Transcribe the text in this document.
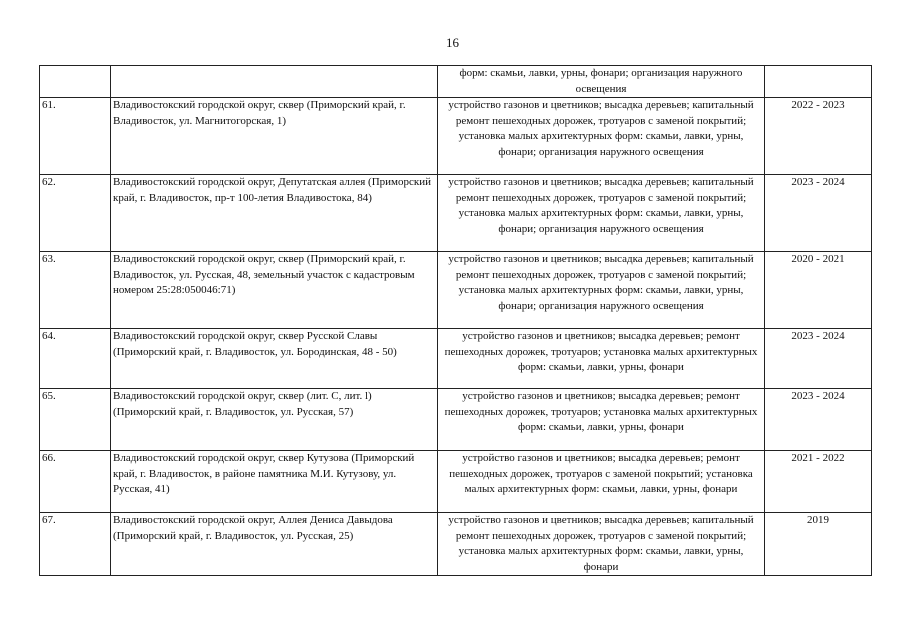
16
		форм: скамьи, лавки, урны, фонари; организация наружного освещения	
61.	Владивостокский городской округ, сквер (Приморский край, г. Владивосток, ул. Магнитогорская, 1)	устройство газонов и цветников; высадка деревьев; капитальный ремонт пешеходных дорожек, тротуаров с заменой покрытий; установка малых архитектурных форм: скамьи, лавки, урны, фонари; организация наружного освещения	2022 - 2023
62.	Владивостокский городской округ, Депутатская аллея (Приморский край, г. Владивосток, пр-т 100-летия Владивостока, 84)	устройство газонов и цветников; высадка деревьев; капитальный ремонт пешеходных дорожек, тротуаров с заменой покрытий; установка малых архитектурных форм: скамьи, лавки, урны, фонари; организация наружного освещения	2023 - 2024
63.	Владивостокский городской округ, сквер (Приморский край, г. Владивосток, ул. Русская, 48, земельный участок с кадастровым номером 25:28:050046:71)	устройство газонов и цветников; высадка деревьев; капитальный ремонт пешеходных дорожек, тротуаров с заменой покрытий; установка малых архитектурных форм: скамьи, лавки, урны, фонари; организация наружного освещения	2020 - 2021
64.	Владивостокский городской округ, сквер Русской Славы (Приморский край, г. Владивосток, ул. Бородинская, 48 - 50)	устройство газонов и цветников; высадка деревьев; ремонт пешеходных дорожек, тротуаров; установка малых архитектурных форм: скамьи, лавки, урны, фонари	2023 - 2024
65.	Владивостокский городской округ, сквер (лит. С, лит. l) (Приморский край, г. Владивосток, ул. Русская, 57)	устройство газонов и цветников; высадка деревьев; ремонт пешеходных дорожек, тротуаров; установка малых архитектурных форм: скамьи, лавки, урны, фонари	2023 - 2024
66.	Владивостокский городской округ, сквер Кутузова (Приморский край, г. Владивосток, в районе памятника М.И. Кутузову, ул. Русская, 41)	устройство газонов и цветников; высадка деревьев; ремонт пешеходных дорожек, тротуаров с заменой покрытий; установка малых архитектурных форм: скамьи, лавки, урны, фонари	2021 - 2022
67.	Владивостокский городской округ, Аллея Дениса Давыдова (Приморский край, г. Владивосток, ул. Русская, 25)	устройство газонов и цветников; высадка деревьев; капитальный ремонт пешеходных дорожек, тротуаров с заменой покрытий; установка малых архитектурных форм: скамьи, лавки, урны, фонари	2019
